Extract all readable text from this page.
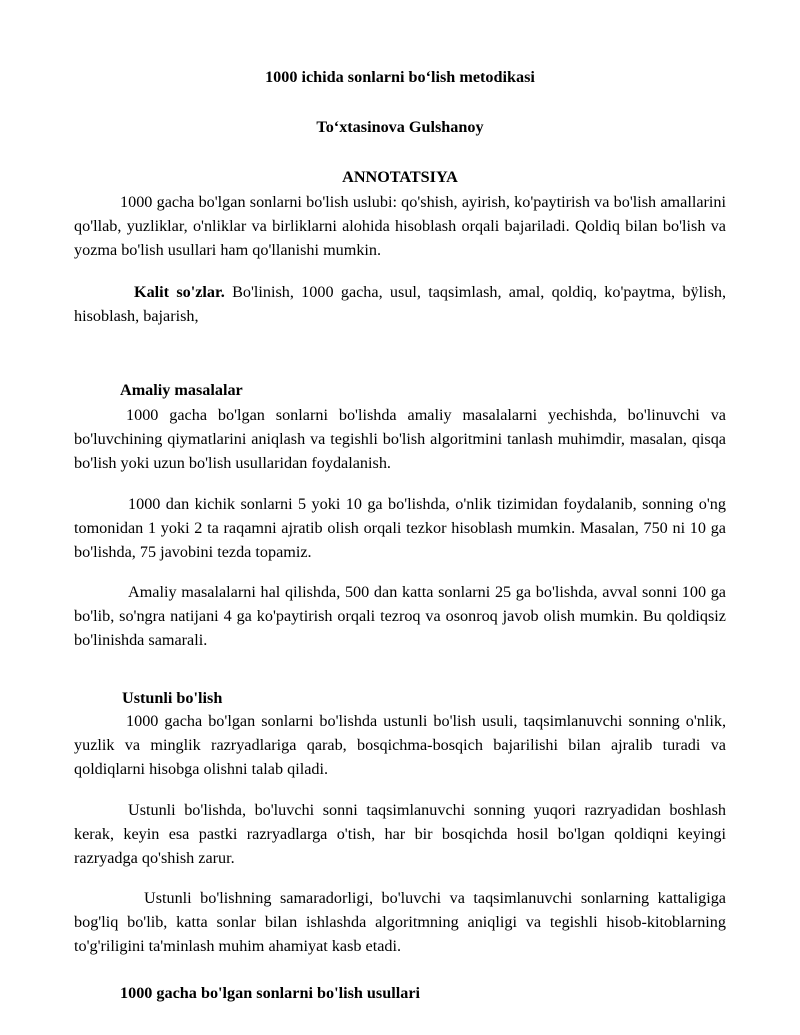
1000 ichida sonlarni bo‘lish metodikasi
To‘xtasinova Gulshanoy
ANNOTATSIYA
1000 gacha bo'lgan sonlarni bo'lish uslubi: qo'shish, ayirish, ko'paytirish va bo'lish amallarini qo'llab, yuzliklar, o'nliklar va birliklarni alohida hisoblash orqali bajariladi. Qoldiq bilan bo'lish va yozma bo'lish usullari ham qo'llanishi mumkin.
Kalit so'zlar. Bo'linish, 1000 gacha, usul, taqsimlash, amal, qoldiq, ko'paytma, bÿlish, hisoblash, bajarish,
Amaliy masalalar
1000 gacha bo'lgan sonlarni bo'lishda amaliy masalalarni yechishda, bo'linuvchi va bo'luvchining qiymatlarini aniqlash va tegishli bo'lish algoritmini tanlash muhimdir, masalan, qisqa bo'lish yoki uzun bo'lish usullaridan foydalanish.
1000 dan kichik sonlarni 5 yoki 10 ga bo'lishda, o'nlik tizimidan foydalanib, sonning o'ng tomonidan 1 yoki 2 ta raqamni ajratib olish orqali tezkor hisoblash mumkin. Masalan, 750 ni 10 ga bo'lishda, 75 javobini tezda topamiz.
Amaliy masalalarni hal qilishda, 500 dan katta sonlarni 25 ga bo'lishda, avval sonni 100 ga bo'lib, so'ngra natijani 4 ga ko'paytirish orqali tezroq va osonroq javob olish mumkin. Bu qoldiqsiz bo'linishda samarali.
Ustunli bo'lish
1000 gacha bo'lgan sonlarni bo'lishda ustunli bo'lish usuli, taqsimlanuvchi sonning o'nlik, yuzlik va minglik razryadlariga qarab, bosqichma-bosqich bajarilishi bilan ajralib turadi va qoldiqlarni hisobga olishni talab qiladi.
Ustunli bo'lishda, bo'luvchi sonni taqsimlanuvchi sonning yuqori razryadidan boshlash kerak, keyin esa pastki razryadlarga o'tish, har bir bosqichda hosil bo'lgan qoldiqni keyingi razryadga qo'shish zarur.
Ustunli bo'lishning samaradorligi, bo'luvchi va taqsimlanuvchi sonlarning kattaligiga bog'liq bo'lib, katta sonlar bilan ishlashda algoritmning aniqligi va tegishli hisob-kitoblarning to'g'riligini ta'minlash muhim ahamiyat kasb etadi.
1000 gacha bo'lgan sonlarni bo'lish usullari
